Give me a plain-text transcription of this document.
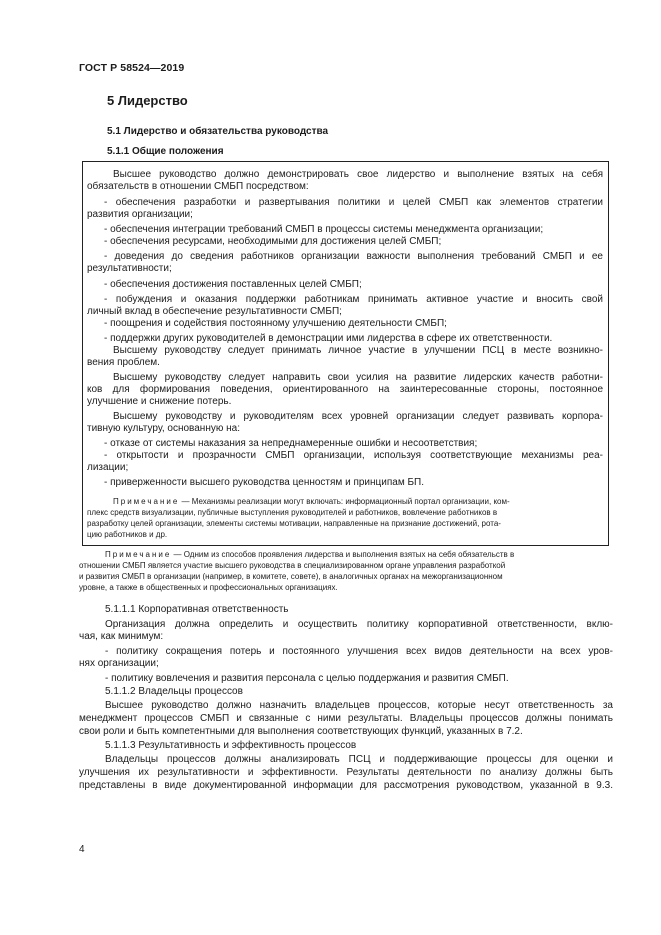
ГОСТ Р 58524—2019
5 Лидерство
5.1 Лидерство и обязательства руководства
5.1.1 Общие положения
Высшее руководство должно демонстрировать свое лидерство и выполнение взятых на себя
обязательств в отношении СМБП посредством:
- обеспечения разработки и развертывания политики и целей СМБП как элементов стратегии
развития организации;
- обеспечения интеграции требований СМБП в процессы системы менеджмента организации;
- обеспечения ресурсами, необходимыми для достижения целей СМБП;
- доведения до сведения работников организации важности выполнения требований СМБП и ее
результативности;
- обеспечения достижения поставленных целей СМБП;
- побуждения и оказания поддержки работникам принимать активное участие и вносить свой
личный вклад в обеспечение результативности СМБП;
- поощрения и содействия постоянному улучшению деятельности СМБП;
- поддержки других руководителей в демонстрации ими лидерства в сфере их ответственности.
Высшему руководству следует принимать личное участие в улучшении ПСЦ в месте возникно-
вения проблем.
Высшему руководству следует направить свои усилия на развитие лидерских качеств работни-
ков для формирования поведения, ориентированного на заинтересованные стороны, постоянное
улучшение и снижение потерь.
Высшему руководству и руководителям всех уровней организации следует развивать корпора-
тивную культуру, основанную на:
- отказе от системы наказания за непреднамеренные ошибки и несоответствия;
- открытости и прозрачности СМБП организации, используя соответствующие механизмы реа-
лизации;
- приверженности высшего руководства ценностям и принципам БП.
Примечание — Механизмы реализации могут включать: информационный портал организации, ком-
плекс средств визуализации, публичные выступления руководителей и работников, вовлечение работников в
разработку целей организации, элементы системы мотивации, направленные на признание достижений, рота-
цию работников и др.
Примечание — Одним из способов проявления лидерства и выполнения взятых на себя обязательств в
отношении СМБП является участие высшего руководства в специализированном органе управления разработкой
и развития СМБП в организации (например, в комитете, совете), в аналогичных органах на межорганизационном
уровне, а также в общественных и профессиональных организациях.
5.1.1.1 Корпоративная ответственность
Организация должна определить и осуществить политику корпоративной ответственности, вклю-
чая, как минимум:
- политику сокращения потерь и постоянного улучшения всех видов деятельности на всех уров-
нях организации;
- политику вовлечения и развития персонала с целью поддержания и развития СМБП.
5.1.1.2 Владельцы процессов
Высшее руководство должно назначить владельцев процессов, которые несут ответственность за
менеджмент процессов СМБП и связанные с ними результаты. Владельцы процессов должны понимать
свои роли и быть компетентными для выполнения соответствующих функций, указанных в 7.2.
5.1.1.3 Результативность и эффективность процессов
Владельцы процессов должны анализировать ПСЦ и поддерживающие процессы для оценки и
улучшения их результативности и эффективности. Результаты деятельности по анализу должны быть
представлены в виде документированной информации для рассмотрения руководством, указанной в 9.3.
4
